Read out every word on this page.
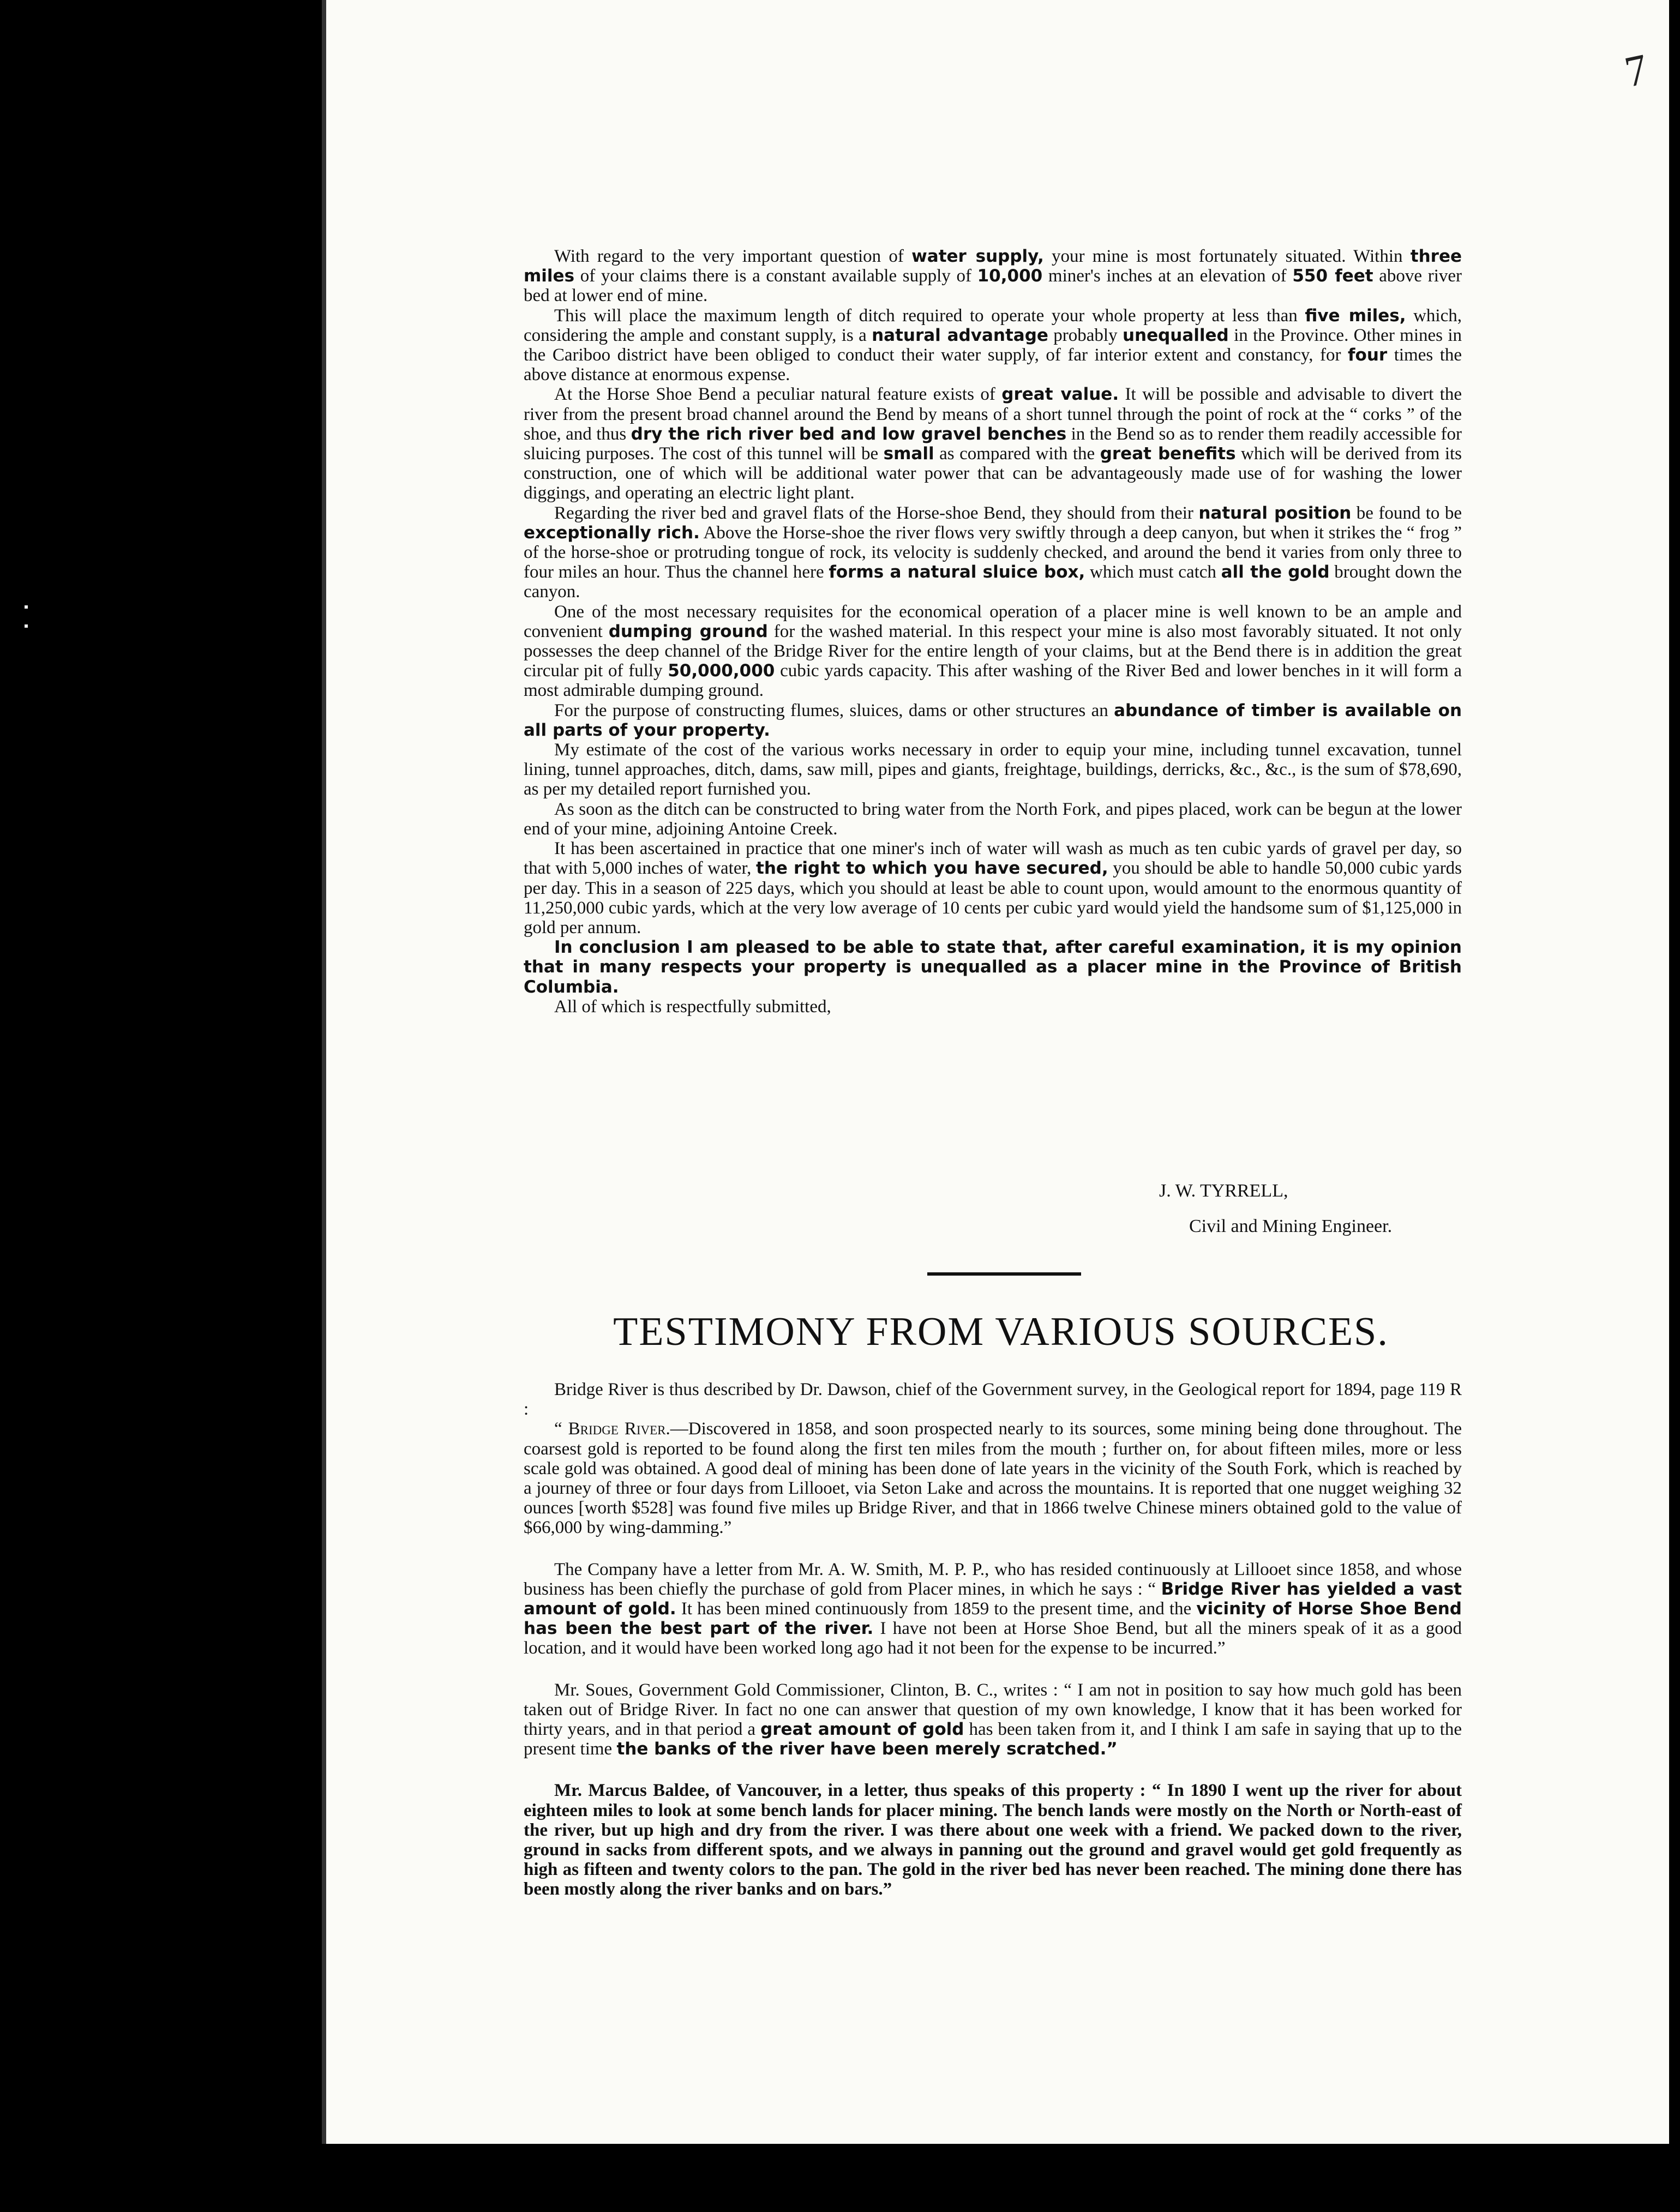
7

With regard to the very important question of water supply, your mine is most fortunately situated. Within three miles of your claims there is a constant available supply of 10,000 miner's inches at an elevation of 550 feet above river bed at lower end of mine.

This will place the maximum length of ditch required to operate your whole property at less than five miles, which, considering the ample and constant supply, is a natural advantage probably unequalled in the Province. Other mines in the Cariboo district have been obliged to conduct their water supply, of far interior extent and constancy, for four times the above distance at enormous expense.

At the Horse Shoe Bend a peculiar natural feature exists of great value. It will be possible and advisable to divert the river from the present broad channel around the Bend by means of a short tunnel through the point of rock at the “ corks ” of the shoe, and thus dry the rich river bed and low gravel benches in the Bend so as to render them readily accessible for sluicing purposes. The cost of this tunnel will be small as compared with the great benefits which will be derived from its construction, one of which will be additional water power that can be advantageously made use of for washing the lower diggings, and operating an electric light plant.

Regarding the river bed and gravel flats of the Horse-shoe Bend, they should from their natural position be found to be exceptionally rich. Above the Horse-shoe the river flows very swiftly through a deep canyon, but when it strikes the “ frog ” of the horse-shoe or protruding tongue of rock, its velocity is suddenly checked, and around the bend it varies from only three to four miles an hour. Thus the channel here forms a natural sluice box, which must catch all the gold brought down the canyon.

One of the most necessary requisites for the economical operation of a placer mine is well known to be an ample and convenient dumping ground for the washed material. In this respect your mine is also most favorably situated. It not only possesses the deep channel of the Bridge River for the entire length of your claims, but at the Bend there is in addition the great circular pit of fully 50,000,000 cubic yards capacity. This after washing of the River Bed and lower benches in it will form a most admirable dumping ground.

For the purpose of constructing flumes, sluices, dams or other structures an abundance of timber is available on all parts of your property.

My estimate of the cost of the various works necessary in order to equip your mine, including tunnel excavation, tunnel lining, tunnel approaches, ditch, dams, saw mill, pipes and giants, freightage, buildings, derricks, &c., &c., is the sum of $78,690, as per my detailed report furnished you.

As soon as the ditch can be constructed to bring water from the North Fork, and pipes placed, work can be begun at the lower end of your mine, adjoining Antoine Creek.

It has been ascertained in practice that one miner's inch of water will wash as much as ten cubic yards of gravel per day, so that with 5,000 inches of water, the right to which you have secured, you should be able to handle 50,000 cubic yards per day. This in a season of 225 days, which you should at least be able to count upon, would amount to the enormous quantity of 11,250,000 cubic yards, which at the very low average of 10 cents per cubic yard would yield the handsome sum of $1,125,000 in gold per annum.

In conclusion I am pleased to be able to state that, after careful examination, it is my opinion that in many respects your property is unequalled as a placer mine in the Province of British Columbia.

All of which is respectfully submitted,

J. W. TYRRELL,
Civil and Mining Engineer.
TESTIMONY FROM VARIOUS SOURCES.

Bridge River is thus described by Dr. Dawson, chief of the Government survey, in the Geological report for 1894, page 119 R :

“ Bridge River.—Discovered in 1858, and soon prospected nearly to its sources, some mining being done throughout. The coarsest gold is reported to be found along the first ten miles from the mouth ; further on, for about fifteen miles, more or less scale gold was obtained. A good deal of mining has been done of late years in the vicinity of the South Fork, which is reached by a journey of three or four days from Lillooet, via Seton Lake and across the mountains. It is reported that one nugget weighing 32 ounces [worth $528] was found five miles up Bridge River, and that in 1866 twelve Chinese miners obtained gold to the value of $66,000 by wing-damming.”

The Company have a letter from Mr. A. W. Smith, M. P. P., who has resided continuously at Lillooet since 1858, and whose business has been chiefly the purchase of gold from Placer mines, in which he says : “ Bridge River has yielded a vast amount of gold. It has been mined continuously from 1859 to the present time, and the vicinity of Horse Shoe Bend has been the best part of the river. I have not been at Horse Shoe Bend, but all the miners speak of it as a good location, and it would have been worked long ago had it not been for the expense to be incurred.”

Mr. Soues, Government Gold Commissioner, Clinton, B. C., writes : “ I am not in position to say how much gold has been taken out of Bridge River. In fact no one can answer that question of my own knowledge, I know that it has been worked for thirty years, and in that period a great amount of gold has been taken from it, and I think I am safe in saying that up to the present time the banks of the river have been merely scratched.”

Mr. Marcus Baldee, of Vancouver, in a letter, thus speaks of this property : “ In 1890 I went up the river for about eighteen miles to look at some bench lands for placer mining. The bench lands were mostly on the North or North-east of the river, but up high and dry from the river. I was there about one week with a friend. We packed down to the river, ground in sacks from different spots, and we always in panning out the ground and gravel would get gold frequently as high as fifteen and twenty colors to the pan. The gold in the river bed has never been reached. The mining done there has been mostly along the river banks and on bars.”
